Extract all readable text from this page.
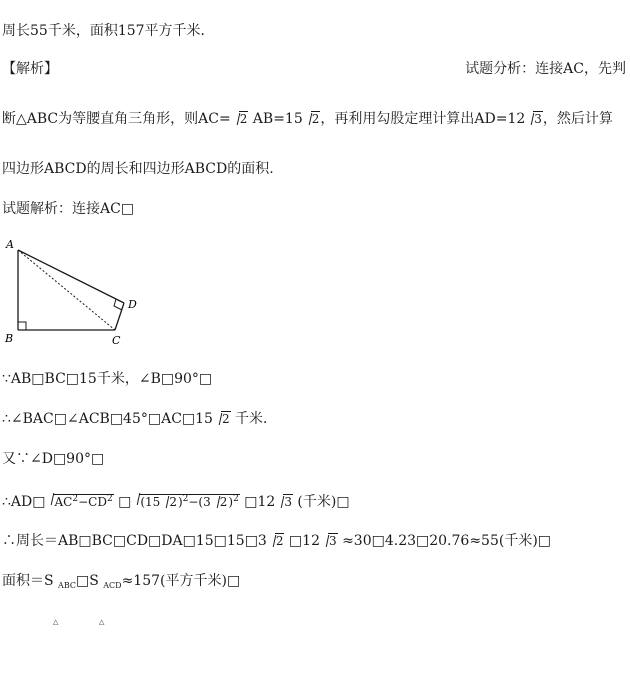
周长55千米，面积157平方千米．
【解析】	试题分析：连接AC，先判
断△ABC为等腰直角三角形，则AC= 2 AB=15 2，再利用勾股定理计算出AD=12 3，然后计算
四边形ABCD的周长和四边形ABCD的面积.
试题解析：连接AC□
A
B	C
D
∵AB□BC□15千米，∠B□90°□
∴∠BAC□∠ACB□45°□AC□15 2 千米．
又∵∠D□90°□
∴AD□ $AC^2-CD^2$ □ (15 2)$^2$−(3 2)$^2$ □12 3 (千米)□
∴周长＝AB□BC□CD□DA□15□15□3 2 □12 3 ≈30□4.23□20.76≈55(千米)□
面积＝S $_{ABC}$□S $_{ACD}$≈157(平方千米)□
△	△
